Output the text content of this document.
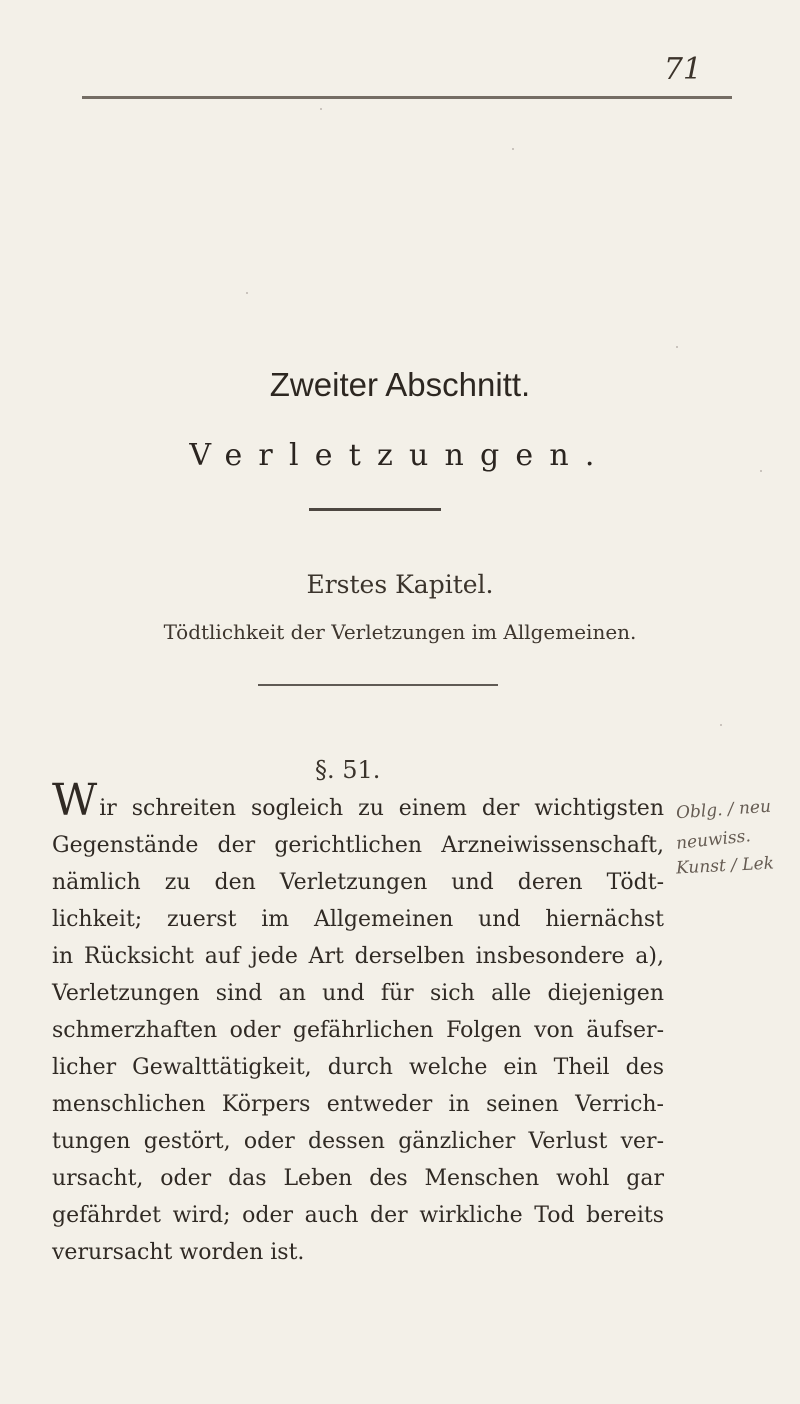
71
Zweiter Abschnitt.
Verletzungen.
Erstes Kapitel.
Tödtlichkeit der Verletzungen im Allgemeinen.
§. 51.
Wir schreiten sogleich zu einem der wichtigsten
Gegenstände der gerichtlichen Arzneiwissenschaft,
nämlich zu den Verletzungen und deren Tödt-
lichkeit; zuerst im Allgemeinen und hiernächst
in Rücksicht auf jede Art derselben insbesondere a),
Verletzungen sind an und für sich alle diejenigen
schmerzhaften oder gefährlichen Folgen von äufser-
licher Gewalttätigkeit, durch welche ein Theil des
menschlichen Körpers entweder in seinen Verrich-
tungen gestört, oder dessen gänzlicher Verlust ver-
ursacht, oder das Leben des Menschen wohl gar
gefährdet wird; oder auch der wirkliche Tod bereits
verursacht worden ist.
Oblg. / neu
neuwiss.
Kunst / Lek
